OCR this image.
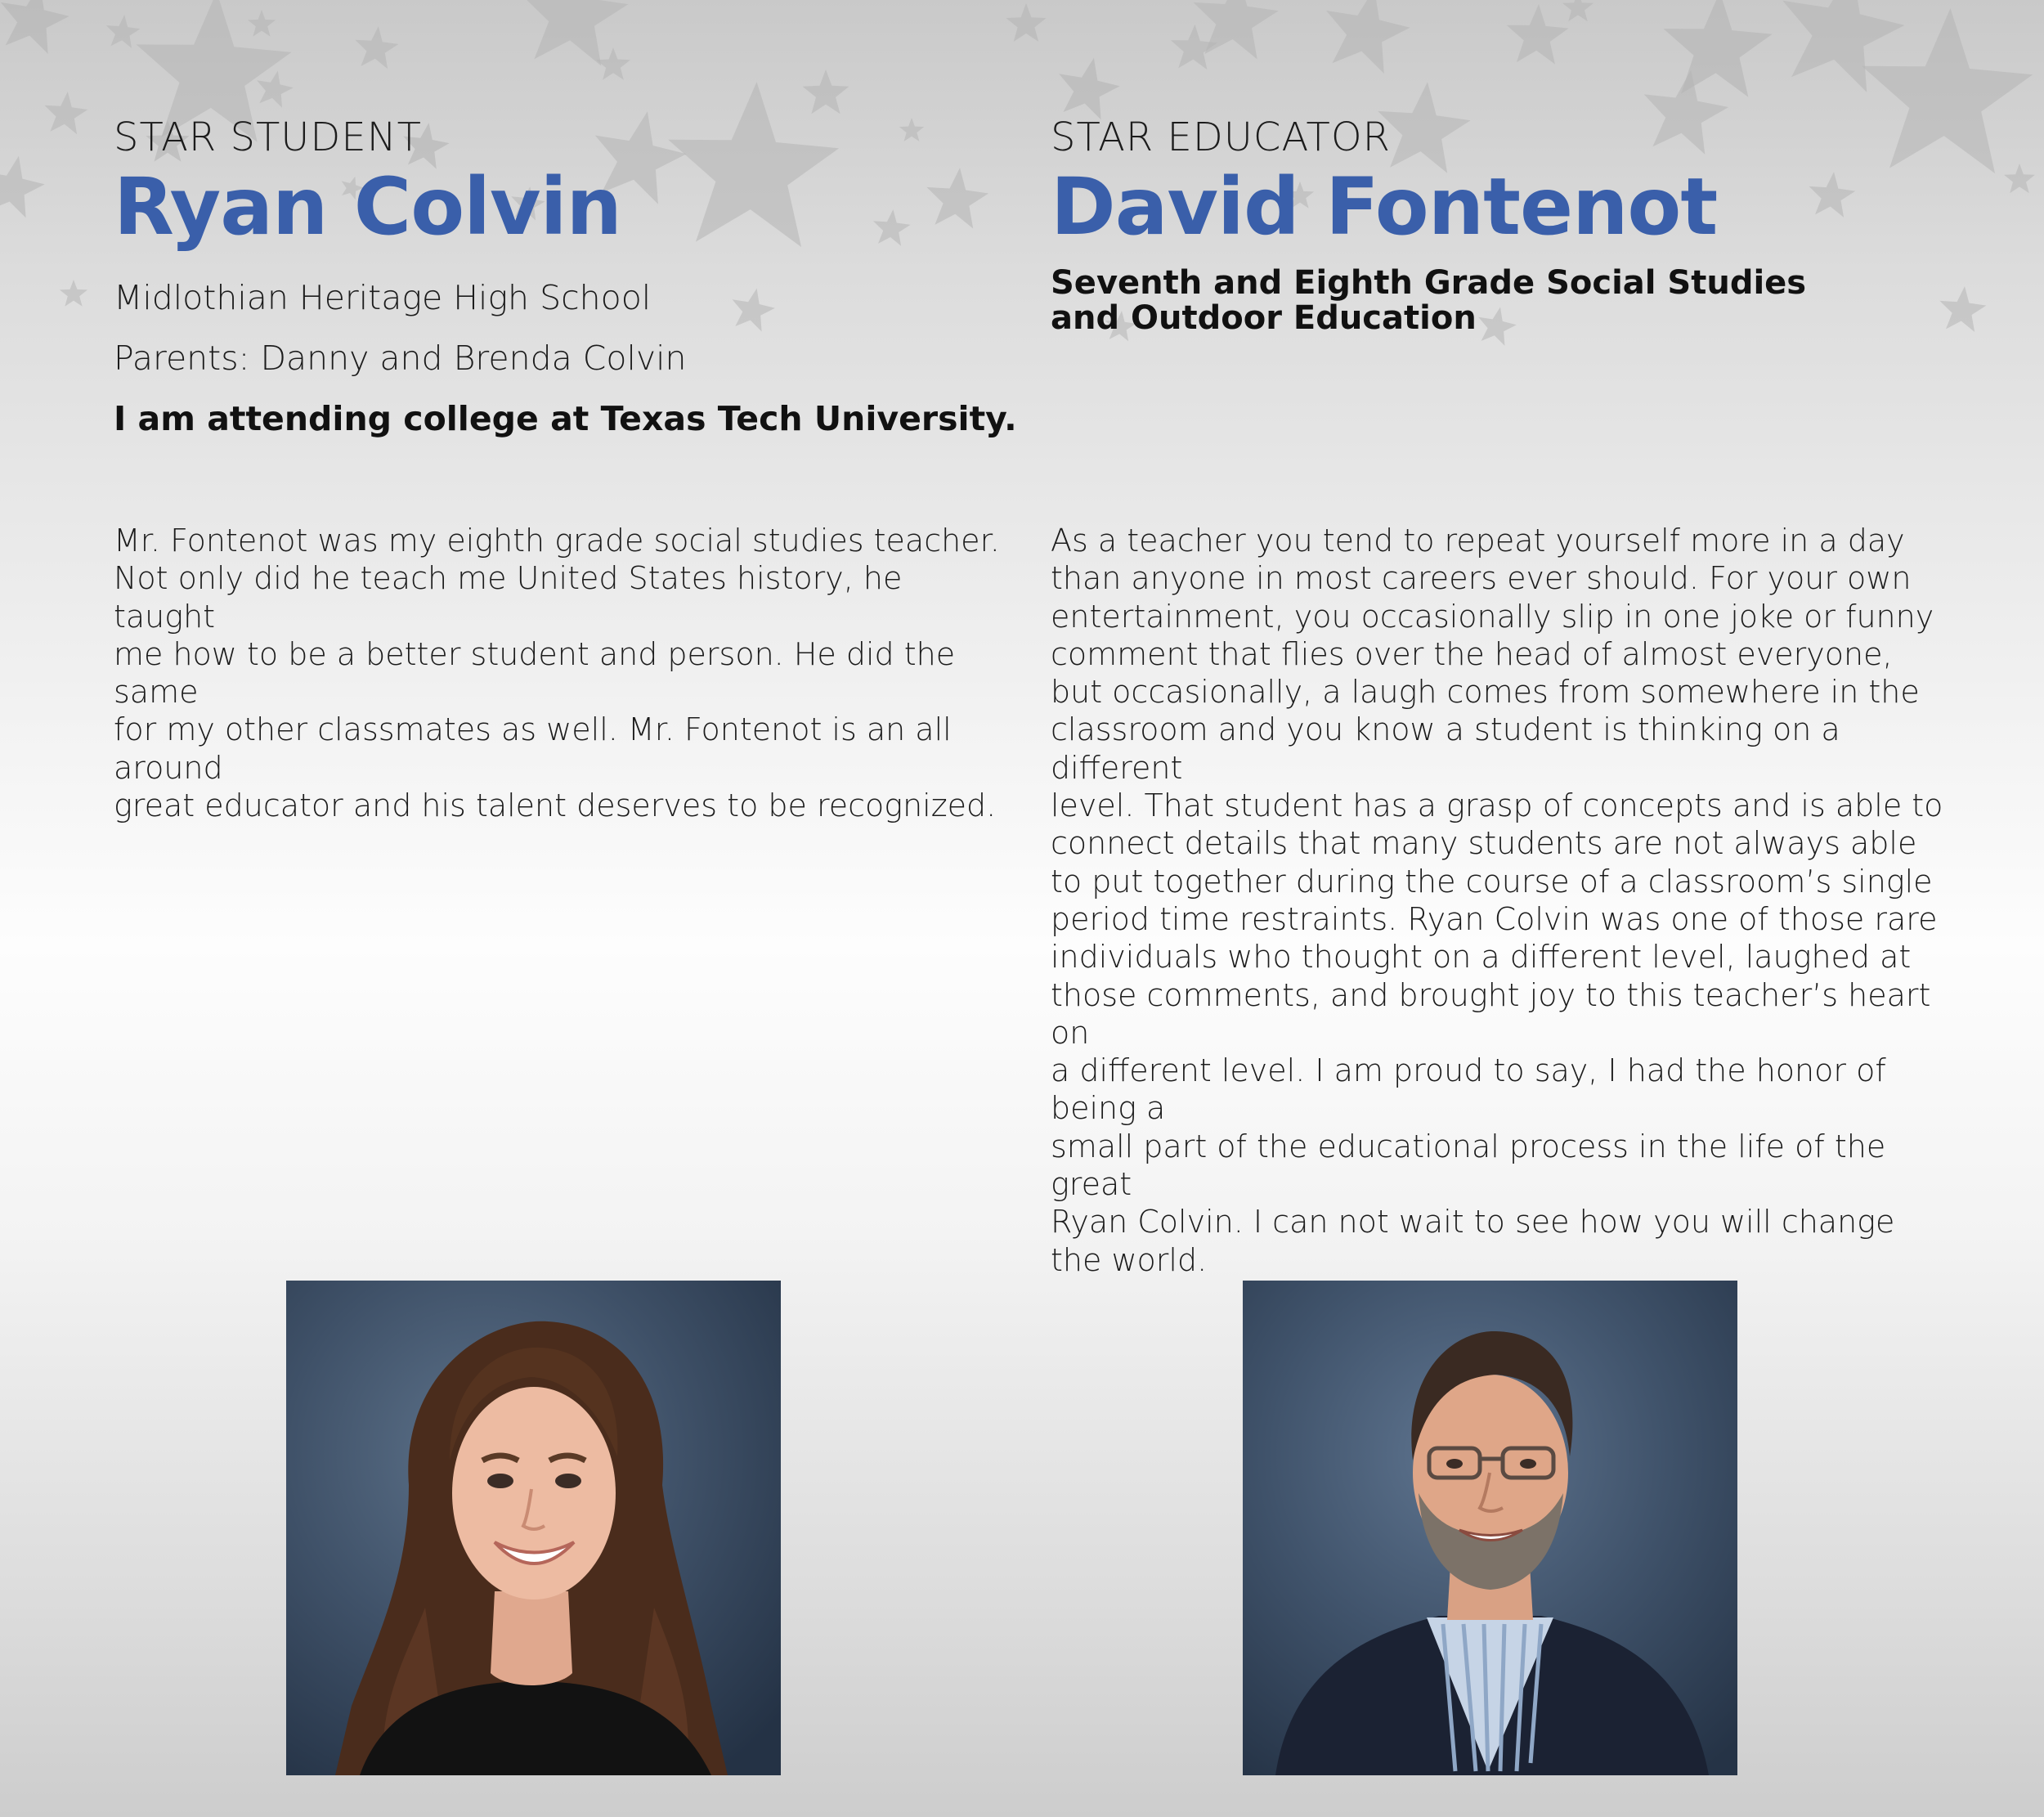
STAR STUDENT
Ryan Colvin
Midlothian Heritage High School
Parents: Danny and Brenda Colvin
I am attending college at Texas Tech University.
Mr. Fontenot was my eighth grade social studies teacher.
Not only did he teach me United States history, he taught
me how to be a better student and person. He did the same
for my other classmates as well. Mr. Fontenot is an all around
great educator and his talent deserves to be recognized.
STAR EDUCATOR
David Fontenot
Seventh and Eighth Grade Social Studies
and Outdoor Education
As a teacher you tend to repeat yourself more in a day
than anyone in most careers ever should. For your own
entertainment, you occasionally slip in one joke or funny
comment that flies over the head of almost everyone,
but occasionally, a laugh comes from somewhere in the
classroom and you know a student is thinking on a different
level. That student has a grasp of concepts and is able to
connect details that many students are not always able
to put together during the course of a classroom’s single
period time restraints. Ryan Colvin was one of those rare
individuals who thought on a different level, laughed at
those comments, and brought joy to this teacher’s heart on
a different level. I am proud to say, I had the honor of being a
small part of the educational process in the life of the great
Ryan Colvin. I can not wait to see how you will change
the world.
